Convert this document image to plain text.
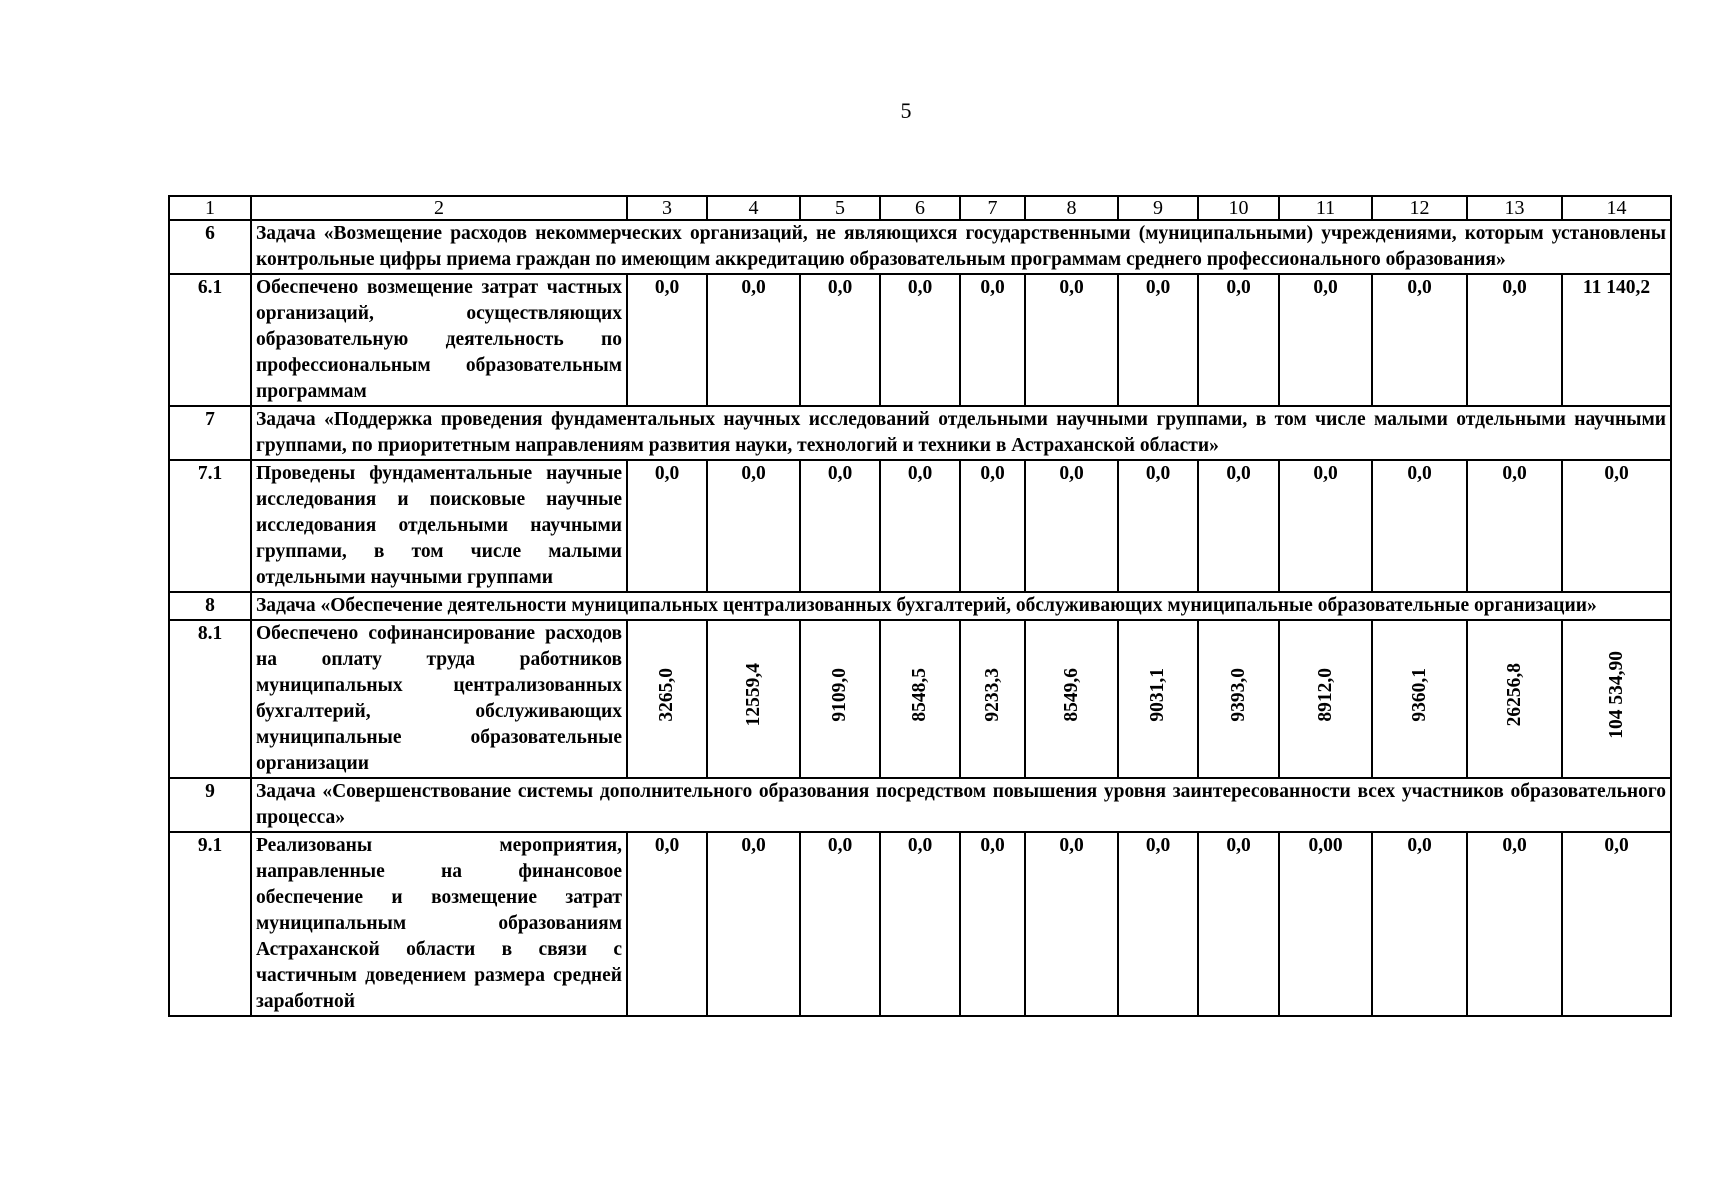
5
1	2	3	4	5	6	7	8	9	10	11	12	13	14
6	Задача «Возмещение расходов некоммерческих организаций, не являющихся государственными (муниципальными) учреждениями, которым установлены контрольные цифры приема граждан по имеющим аккредитацию образовательным программам среднего профессионального образования»												
6.1	Обеспечено возмещение затрат частных организаций, осуществляющих образовательную деятельность по профессиональным образовательным программам	0,0	0,0	0,0	0,0	0,0	0,0	0,0	0,0	0,0	0,0	0,0	11 140,2
7	Задача «Поддержка проведения фундаментальных научных исследований отдельными научными группами, в том числе малыми отдельными научными группами, по приоритетным направлениям развития науки, технологий и техники в Астраханской области»												
7.1	Проведены фундаментальные научные исследования и поисковые научные исследования отдельными научными группами, в том числе малыми отдельными научными группами	0,0	0,0	0,0	0,0	0,0	0,0	0,0	0,0	0,0	0,0	0,0	0,0
8	Задача «Обеспечение деятельности муниципальных централизованных бухгалтерий, обслуживающих муниципальные образовательные организации»												
8.1	Обеспечено софинансирование расходов на оплату труда работников муниципальных централизованных бухгалтерий, обслуживающих муниципальные образовательные организации	3265,0	12559,4	9109,0	8548,5	9233,3	8549,6	9031,1	9393,0	8912,0	9360,1	26256,8	104 534,90
9	Задача «Совершенствование системы дополнительного образования посредством повышения уровня заинтересованности всех участников образовательного процесса»												
9.1	Реализованы мероприятия, направленные на финансовое обеспечение и возмещение затрат муниципальным образованиям Астраханской области в связи с частичным доведением размера средней заработной	0,0	0,0	0,0	0,0	0,0	0,0	0,0	0,0	0,00	0,0	0,0	0,0
